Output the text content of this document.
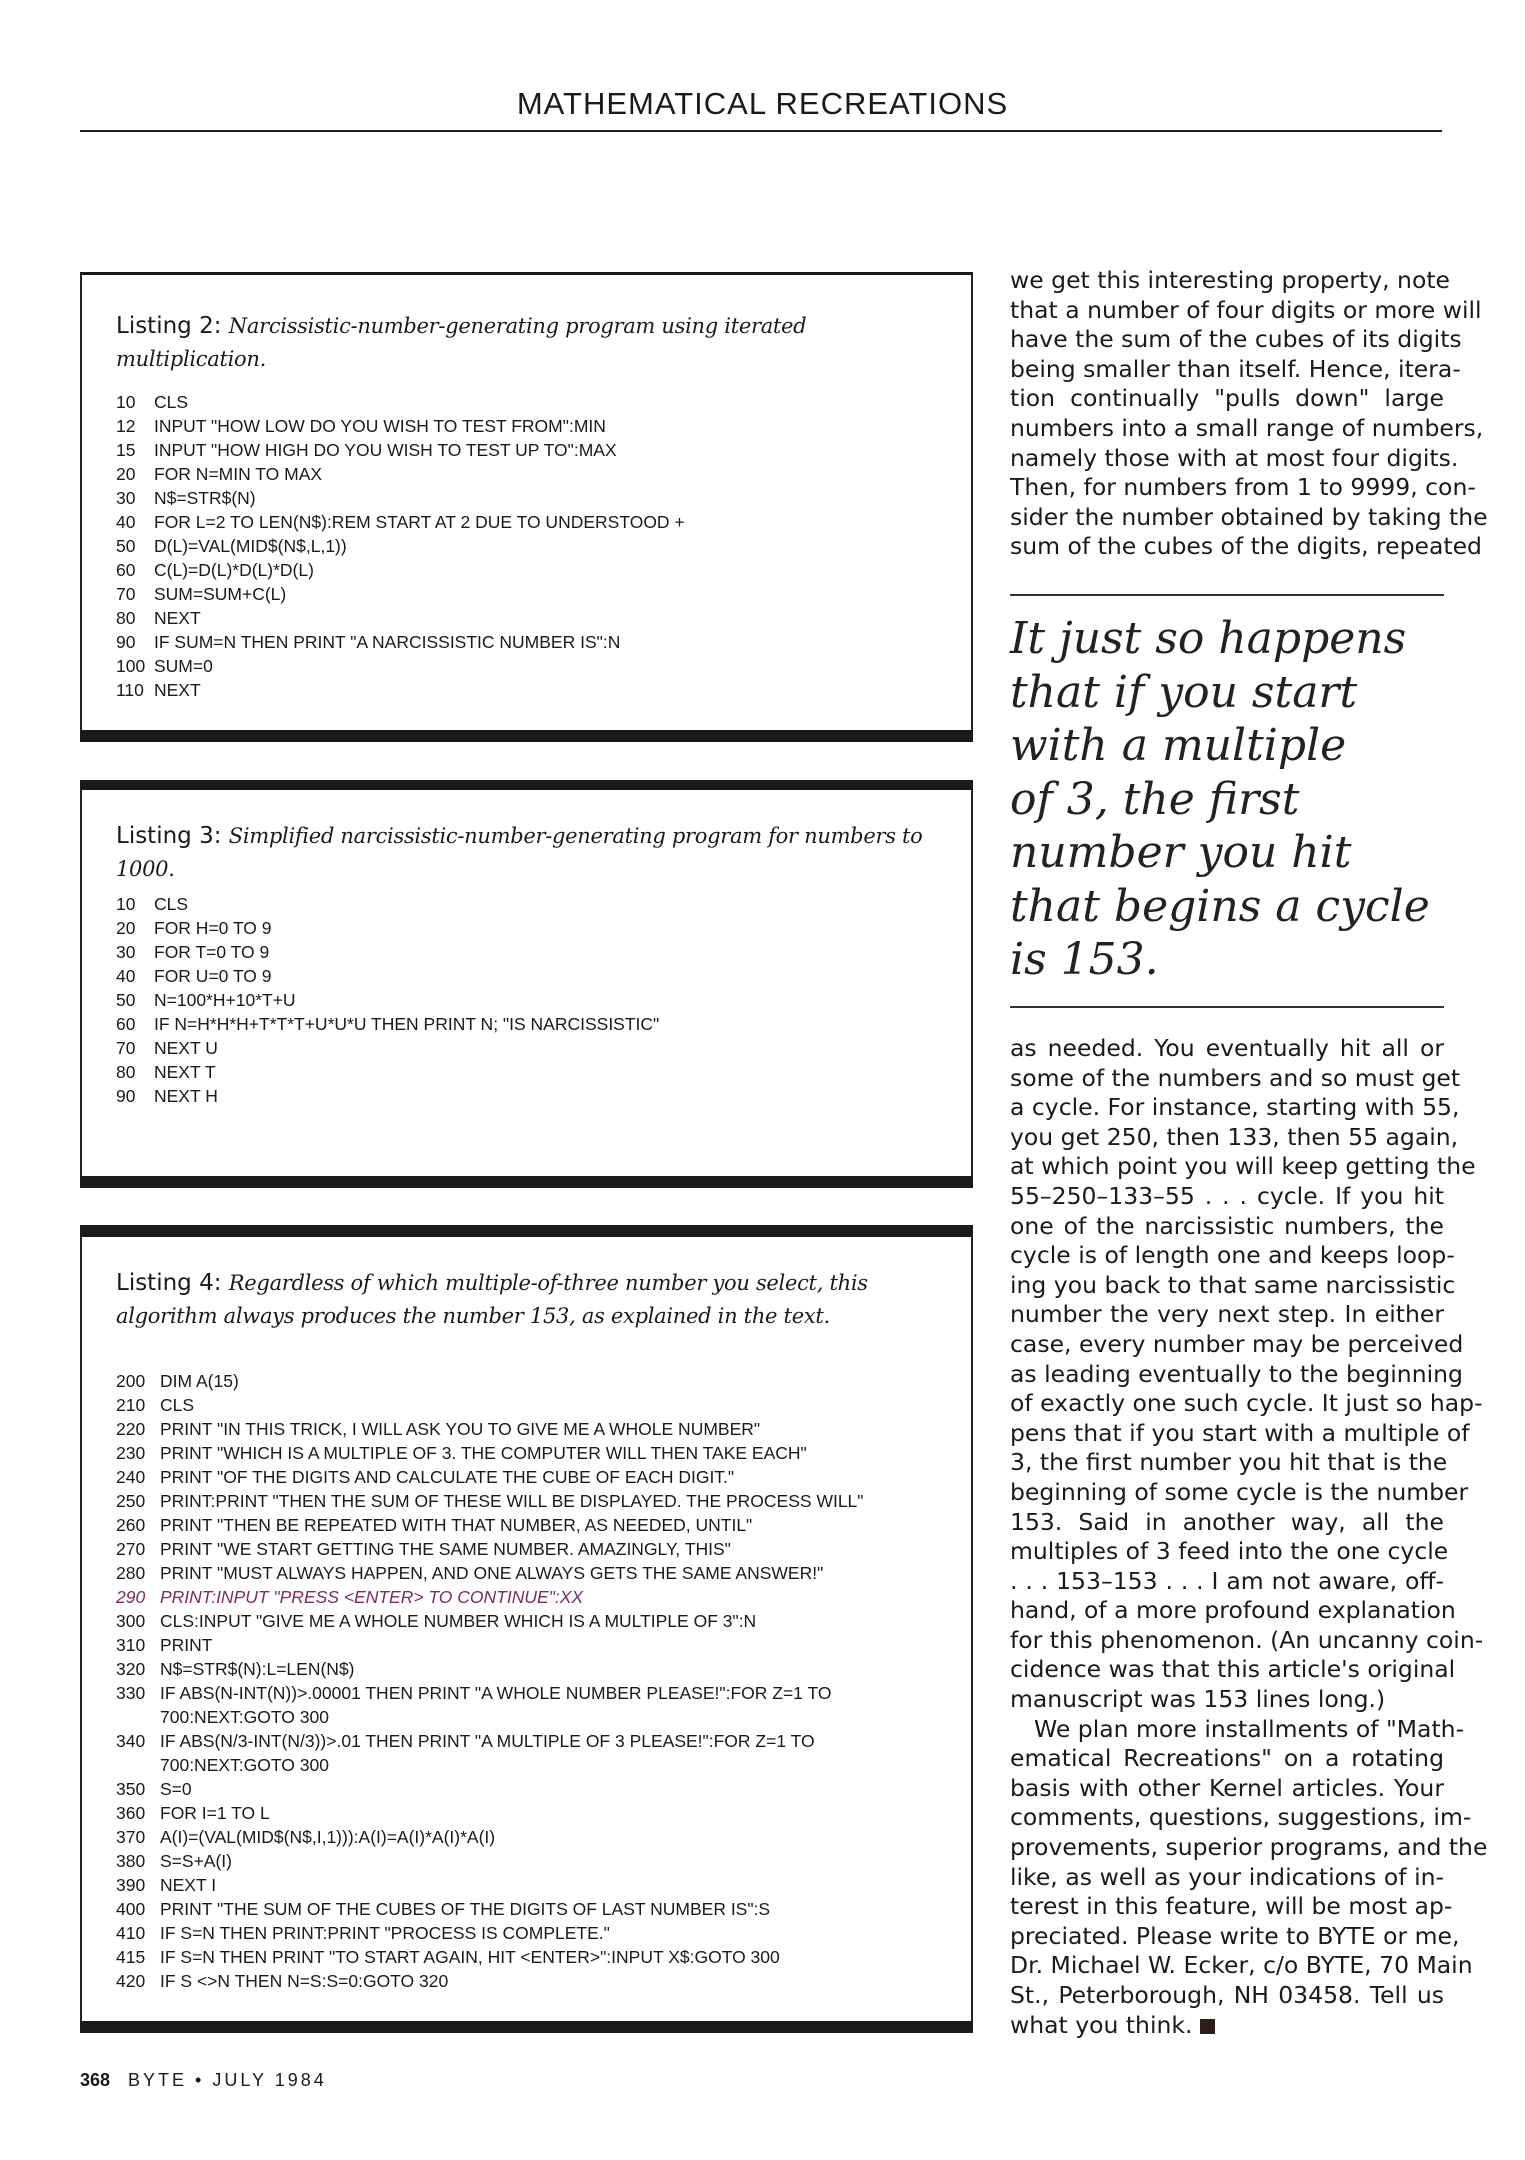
MATHEMATICAL RECREATIONS
Listing 2: Narcissistic-number-generating program using iterated multiplication.
10	CLS
12	INPUT "HOW LOW DO YOU WISH TO TEST FROM":MIN
15	INPUT "HOW HIGH DO YOU WISH TO TEST UP TO":MAX
20	FOR N=MIN TO MAX
30	N$=STR$(N)
40	FOR L=2 TO LEN(N$):REM START AT 2 DUE TO UNDERSTOOD +
50	D(L)=VAL(MID$(N$,L,1))
60	C(L)=D(L)*D(L)*D(L)
70	SUM=SUM+C(L)
80	NEXT
90	IF SUM=N THEN PRINT "A NARCISSISTIC NUMBER IS":N
100 SUM=0
110 NEXT
Listing 3: Simplified narcissistic-number-generating program for numbers to 1000.
10	CLS
20	FOR H=0 TO 9
30	FOR T=0 TO 9
40	FOR U=0 TO 9
50	N=100*H+10*T+U
60	IF N=H*H*H+T*T*T+U*U*U THEN PRINT N; "IS NARCISSISTIC"
70	NEXT U
80	NEXT T
90	NEXT H
Listing 4: Regardless of which multiple-of-three number you select, this algorithm always produces the number 153, as explained in the text.
200 DIM A(15)
210 CLS
220 PRINT "IN THIS TRICK, I WILL ASK YOU TO GIVE ME A WHOLE NUMBER"
230 PRINT "WHICH IS A MULTIPLE OF 3. THE COMPUTER WILL THEN TAKE EACH"
240 PRINT "OF THE DIGITS AND CALCULATE THE CUBE OF EACH DIGIT."
250 PRINT:PRINT "THEN THE SUM OF THESE WILL BE DISPLAYED. THE PROCESS WILL"
260 PRINT "THEN BE REPEATED WITH THAT NUMBER, AS NEEDED, UNTIL"
270 PRINT "WE START GETTING THE SAME NUMBER. AMAZINGLY, THIS"
280 PRINT "MUST ALWAYS HAPPEN, AND ONE ALWAYS GETS THE SAME ANSWER!"
290 PRINT:INPUT "PRESS <ENTER> TO CONTINUE":XX
300 CLS:INPUT "GIVE ME A WHOLE NUMBER WHICH IS A MULTIPLE OF 3":N
310 PRINT
320 N$=STR$(N):L=LEN(N$)
330 IF ABS(N-INT(N))>.00001 THEN PRINT "A WHOLE NUMBER PLEASE!":FOR Z=1 TO
700:NEXT:GOTO 300
340 IF ABS(N/3-INT(N/3))>.01 THEN PRINT "A MULTIPLE OF 3 PLEASE!":FOR Z=1 TO
700:NEXT:GOTO 300
350 S=0
360 FOR I=1 TO L
370 A(I)=(VAL(MID$(N$,I,1))):A(I)=A(I)*A(I)*A(I)
380 S=S+A(I)
390 NEXT I
400 PRINT "THE SUM OF THE CUBES OF THE DIGITS OF LAST NUMBER IS":S
410 IF S=N THEN PRINT:PRINT "PROCESS IS COMPLETE."
415 IF S=N THEN PRINT "TO START AGAIN, HIT <ENTER>":INPUT X$:GOTO 300
420 IF S <>N THEN N=S:S=0:GOTO 320
we get this interesting property, note
that a number of four digits or more will
have the sum of the cubes of its digits
being smaller than itself. Hence, itera-
tion continually "pulls down" large
numbers into a small range of numbers,
namely those with at most four digits.
Then, for numbers from 1 to 9999, con-
sider the number obtained by taking the
sum of the cubes of the digits, repeated
It just so happens
that if you start
with a multiple
of 3, the first
number you hit
that begins a cycle
is 153.
as needed. You eventually hit all or
some of the numbers and so must get
a cycle. For instance, starting with 55,
you get 250, then 133, then 55 again,
at which point you will keep getting the
55–250–133–55 . . . cycle. If you hit
one of the narcissistic numbers, the
cycle is of length one and keeps loop-
ing you back to that same narcissistic
number the very next step. In either
case, every number may be perceived
as leading eventually to the beginning
of exactly one such cycle. It just so hap-
pens that if you start with a multiple of
3, the first number you hit that is the
beginning of some cycle is the number
153. Said in another way, all the
multiples of 3 feed into the one cycle
. . . 153–153 . . . I am not aware, off-
hand, of a more profound explanation
for this phenomenon. (An uncanny coin-
cidence was that this article's original
manuscript was 153 lines long.)
We plan more installments of "Math-
ematical Recreations" on a rotating
basis with other Kernel articles. Your
comments, questions, suggestions, im-
provements, superior programs, and the
like, as well as your indications of in-
terest in this feature, will be most ap-
preciated. Please write to BYTE or me,
Dr. Michael W. Ecker, c/o BYTE, 70 Main
St., Peterborough, NH 03458. Tell us
what you think.
368 BYTE • JULY 1984
